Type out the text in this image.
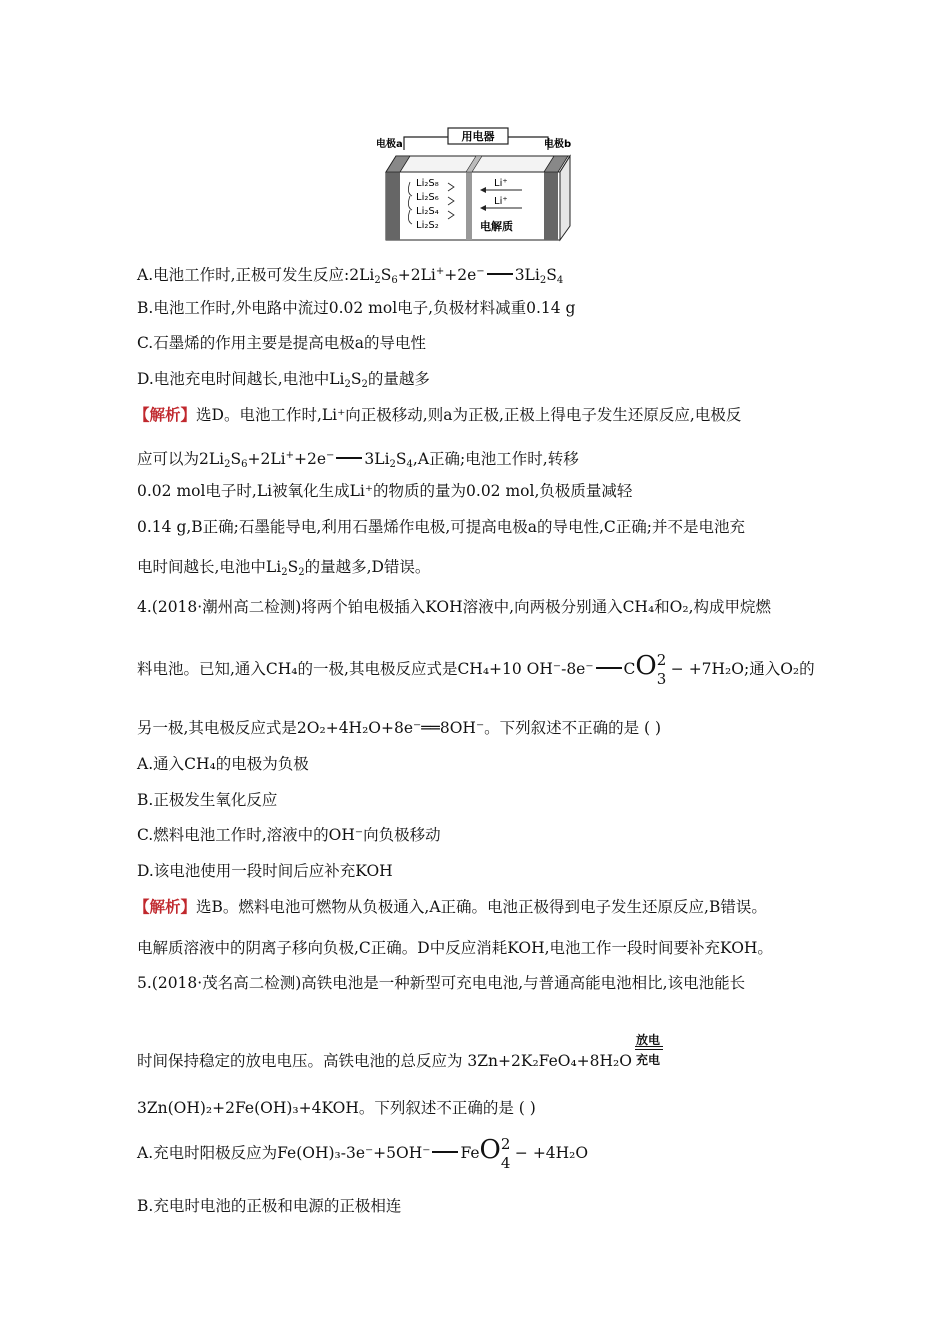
用电器
电极a	电极b
Li₂S₈
Li₂S₆
Li₂S₄
Li₂S₂
Li⁺
Li⁺
电解质
A.电池工作时,正极可发生反应$:2Li_2S_6+2Li^++2e^-$ $3Li_2S_4$
B.电池工作时,外电路中流过0.02 mol电子,负极材料减重0.14 g
C.石墨烯的作用主要是提高电极a的导电性
D.电池充电时间越长,电池中$Li_2S_2$的量越多
【解析】选D。电池工作时,Li⁺向正极移动,则a为正极,正极上得电子发生还原反应,电极反
应可以为$2Li_2S_6+2Li^++2e^-$ $3Li_2S_4,A$正确;电池工作时,转移
0.02 mol电子时,Li被氧化生成Li⁺的物质的量为0.02 mol,负极质量减轻
0.14 g,B正确;石墨能导电,利用石墨烯作电极,可提高电极a的导电性,C正确;并不是电池充
电时间越长,电池中$Li_2S_2$的量越多,D错误。
4.(2018·潮州高二检测)将两个铂电极插入KOH溶液中,向两极分别通入CH₄和O₂,构成甲烷燃
料电池。已知,通入CH₄的一极,其电极反应式是CH₄+10 OH⁻-8e⁻ CO 2
3
− +7H₂O;通入O₂的
另一极,其电极反应式是2O₂+4H₂O+8e⁻══8OH⁻。下列叙述不正确的是 ( )
A.通入CH₄的电极为负极
B.正极发生氧化反应
C.燃料电池工作时,溶液中的OH⁻向负极移动
D.该电池使用一段时间后应补充KOH
【解析】选B。燃料电池可燃物从负极通入,A正确。电池正极得到电子发生还原反应,B错误。
电解质溶液中的阴离子移向负极,C正确。D中反应消耗KOH,电池工作一段时间要补充KOH。
5.(2018·茂名高二检测)高铁电池是一种新型可充电电池,与普通高能电池相比,该电池能长
时间保持稳定的放电电压。高铁电池的总反应为 3Zn+2K₂FeO₄+8H₂O
放电
充电
3Zn(OH)₂+2Fe(OH)₃+4KOH。下列叙述不正确的是 ( )
A.充电时阳极反应为Fe(OH)₃-3e⁻+5OH⁻ FeO 2
4
− +4H₂O
B.充电时电池的正极和电源的正极相连
